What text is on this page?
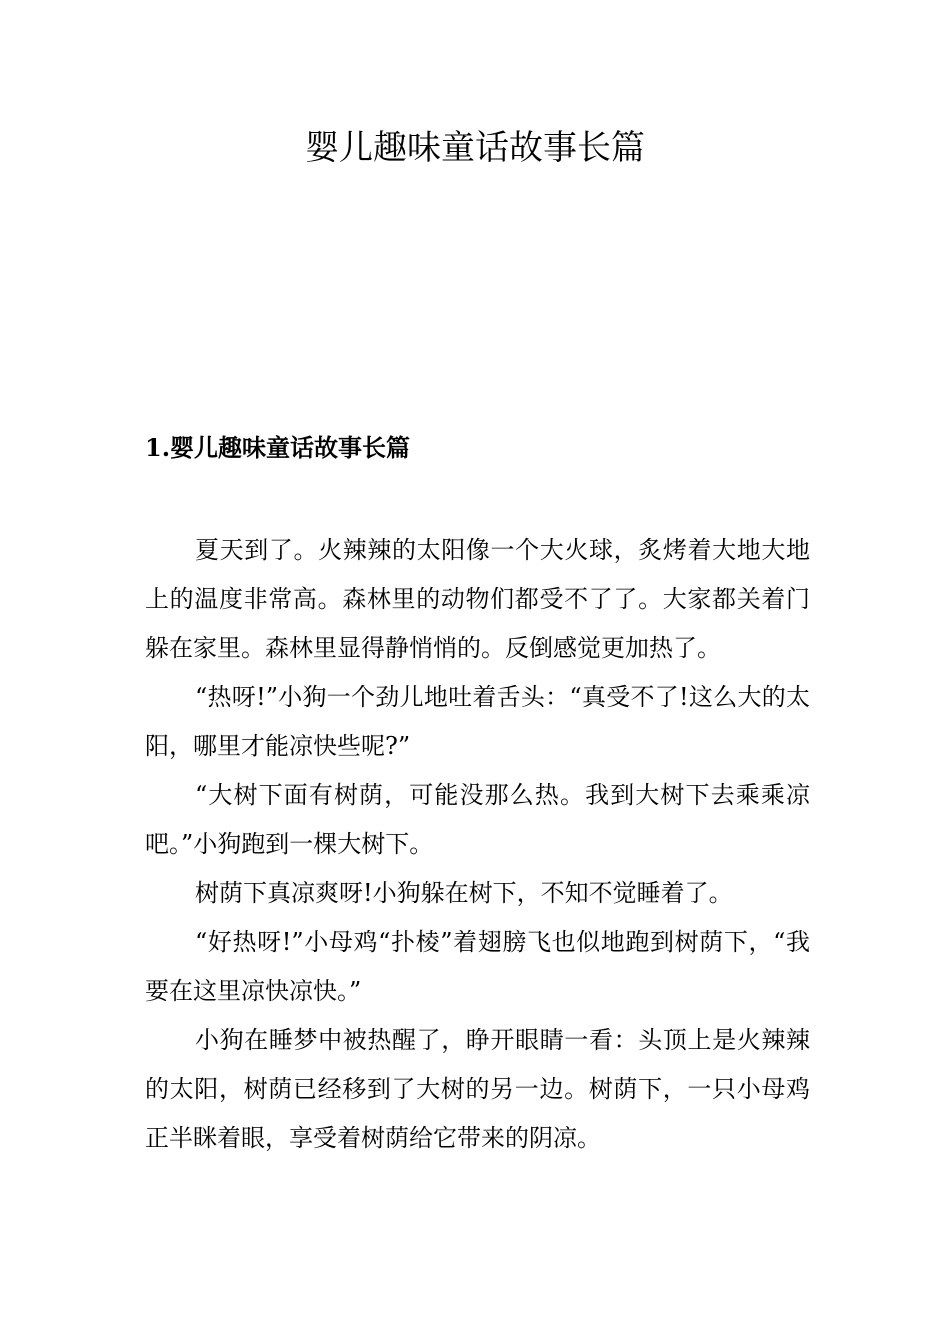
婴儿趣味童话故事长篇
1.婴儿趣味童话故事长篇

夏天到了。火辣辣的太阳像一个大火球，炙烤着大地大地上的温度非常高。森林里的动物们都受不了了。大家都关着门躲在家里。森林里显得静悄悄的。反倒感觉更加热了。

“热呀!”小狗一个劲儿地吐着舌头：“真受不了!这么大的太阳，哪里才能凉快些呢?”

“大树下面有树荫，可能没那么热。我到大树下去乘乘凉吧。”小狗跑到一棵大树下。

树荫下真凉爽呀!小狗躲在树下，不知不觉睡着了。

“好热呀!”小母鸡“扑棱”着翅膀飞也似地跑到树荫下，“我要在这里凉快凉快。”

小狗在睡梦中被热醒了，睁开眼睛一看：头顶上是火辣辣的太阳，树荫已经移到了大树的另一边。树荫下，一只小母鸡正半眯着眼，享受着树荫给它带来的阴凉。
